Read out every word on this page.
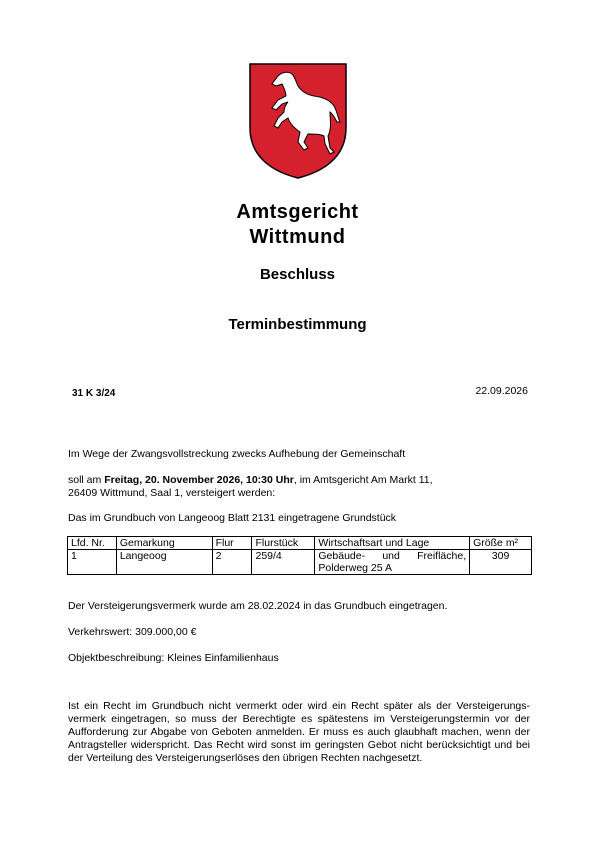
Amtsgericht
Wittmund
Beschluss
Terminbestimmung
31 K 3/24	22.09.2026
Im Wege der Zwangsvollstreckung zwecks Aufhebung der Gemeinschaft
soll am Freitag, 20. November 2026, 10:30 Uhr, im Amtsgericht Am Markt 11,
26409 Wittmund, Saal 1, versteigert werden:
Das im Grundbuch von Langeoog Blatt 2131 eingetragene Grundstück
Lfd. Nr.	Gemarkung	Flur	Flurstück	Wirtschaftsart und Lage	Größe m²
1	Langeoog	2	259/4	Gebäude- und Freifläche,
Polderweg 25 A	309
Der Versteigerungsvermerk wurde am 28.02.2024 in das Grundbuch eingetragen.
Verkehrswert: 309.000,00 €
Objektbeschreibung: Kleines Einfamilienhaus
Ist ein Recht im Grundbuch nicht vermerkt oder wird ein Recht später als der Versteigerungs-vermerk eingetragen, so muss der Berechtigte es spätestens im Versteigerungstermin vor der Aufforderung zur Abgabe von Geboten anmelden. Er muss es auch glaubhaft machen, wenn der Antragsteller widerspricht. Das Recht wird sonst im geringsten Gebot nicht berücksichtigt und bei der Verteilung des Versteigerungserlöses den übrigen Rechten nachgesetzt.
